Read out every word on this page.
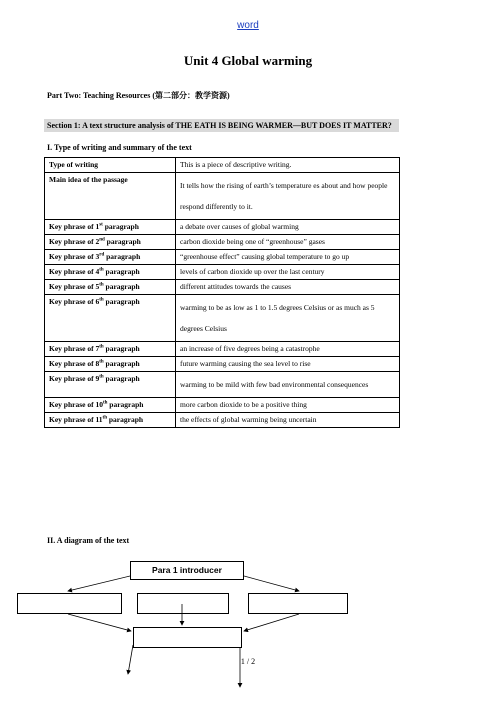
word
Unit 4 Global warming
Part Two: Teaching Resources (第二部分：教学资源)
Section 1: A text structure analysis of THE EATH IS BEING WARMER—BUT DOES IT MATTER?
I. Type of writing and summary of the text
Type of writing	This is a piece of descriptive writing.
Main idea of the passage	It tells how the rising of earth’s temperature es about and how people respond differently to it.
Key phrase of 1st paragraph	a debate over causes of global warming
Key phrase of 2nd paragraph	carbon dioxide being one of “greenhouse” gases
Key phrase of 3rd paragraph	“greenhouse effect” causing global temperature to go up
Key phrase of 4th paragraph	levels of carbon dioxide up over the last century
Key phrase of 5th paragraph	different attitudes towards the causes
Key phrase of 6th paragraph	warming to be as low as 1 to 1.5 degrees Celsius or as much as 5 degrees Celsius
Key phrase of 7th paragraph	an increase of five degrees being a catastrophe
Key phrase of 8th paragraph	future warming causing the sea level to rise
Key phrase of 9th paragraph	warming to be mild with few bad environmental consequences
Key phrase of 10th paragraph	more carbon dioxide to be a positive thing
Key phrase of 11th paragraph	the effects of global warming being uncertain
II. A diagram of the text
Para 1 introducer
1 / 2
